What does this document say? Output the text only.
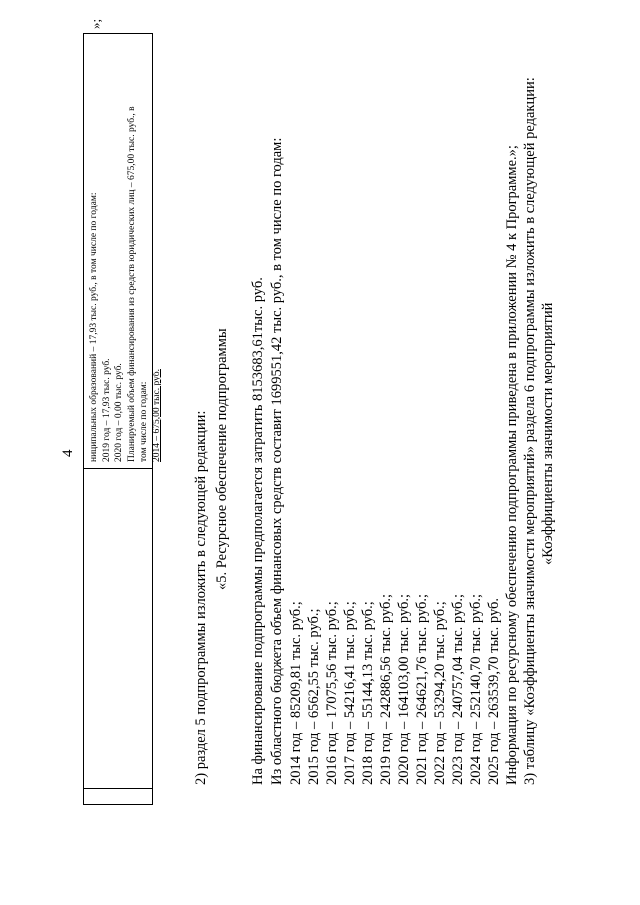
4 ниципальных образований – 17,93 тыс. руб., в том числе по годам: 2019 год – 17,93 тыс. руб. 2020 год – 0,00 тыс. руб. Планируемый объем финансирования из средств юридических лиц – 675,00 тыс. руб., в том числе по годам: 2014 – 675,00 тыс. руб.
»;
2) раздел 5 подпрограммы изложить в следующей редакции: «5. Ресурсное обеспечение подпрограммы На финансирование подпрограммы предполагается затратить 8153683,61тыс. руб. Из областного бюджета объем финансовых средств составит 1699551,42 тыс. руб., в том числе по годам: 2014 год – 85209,81 тыс. руб.; 2015 год – 6562,55 тыс. руб.; 2016 год – 17075,56 тыс. руб.; 2017 год – 54216,41 тыс. руб.; 2018 год – 55144,13 тыс. руб.; 2019 год – 242886,56 тыс. руб.; 2020 год – 164103,00 тыс. руб.; 2021 год – 264621,76 тыс. руб.; 2022 год – 53294,20 тыс. руб.; 2023 год – 240757,04 тыс. руб.; 2024 год – 252140,70 тыс. руб.; 2025 год – 263539,70 тыс. руб. Информация по ресурсному обеспечению подпрограммы приведена в приложении № 4 к Программе.»; 3) таблицу «Коэффициенты значимости мероприятий» раздела 6 подпрограммы изложить в следующей редакции: «Коэффициенты значимости мероприятий
